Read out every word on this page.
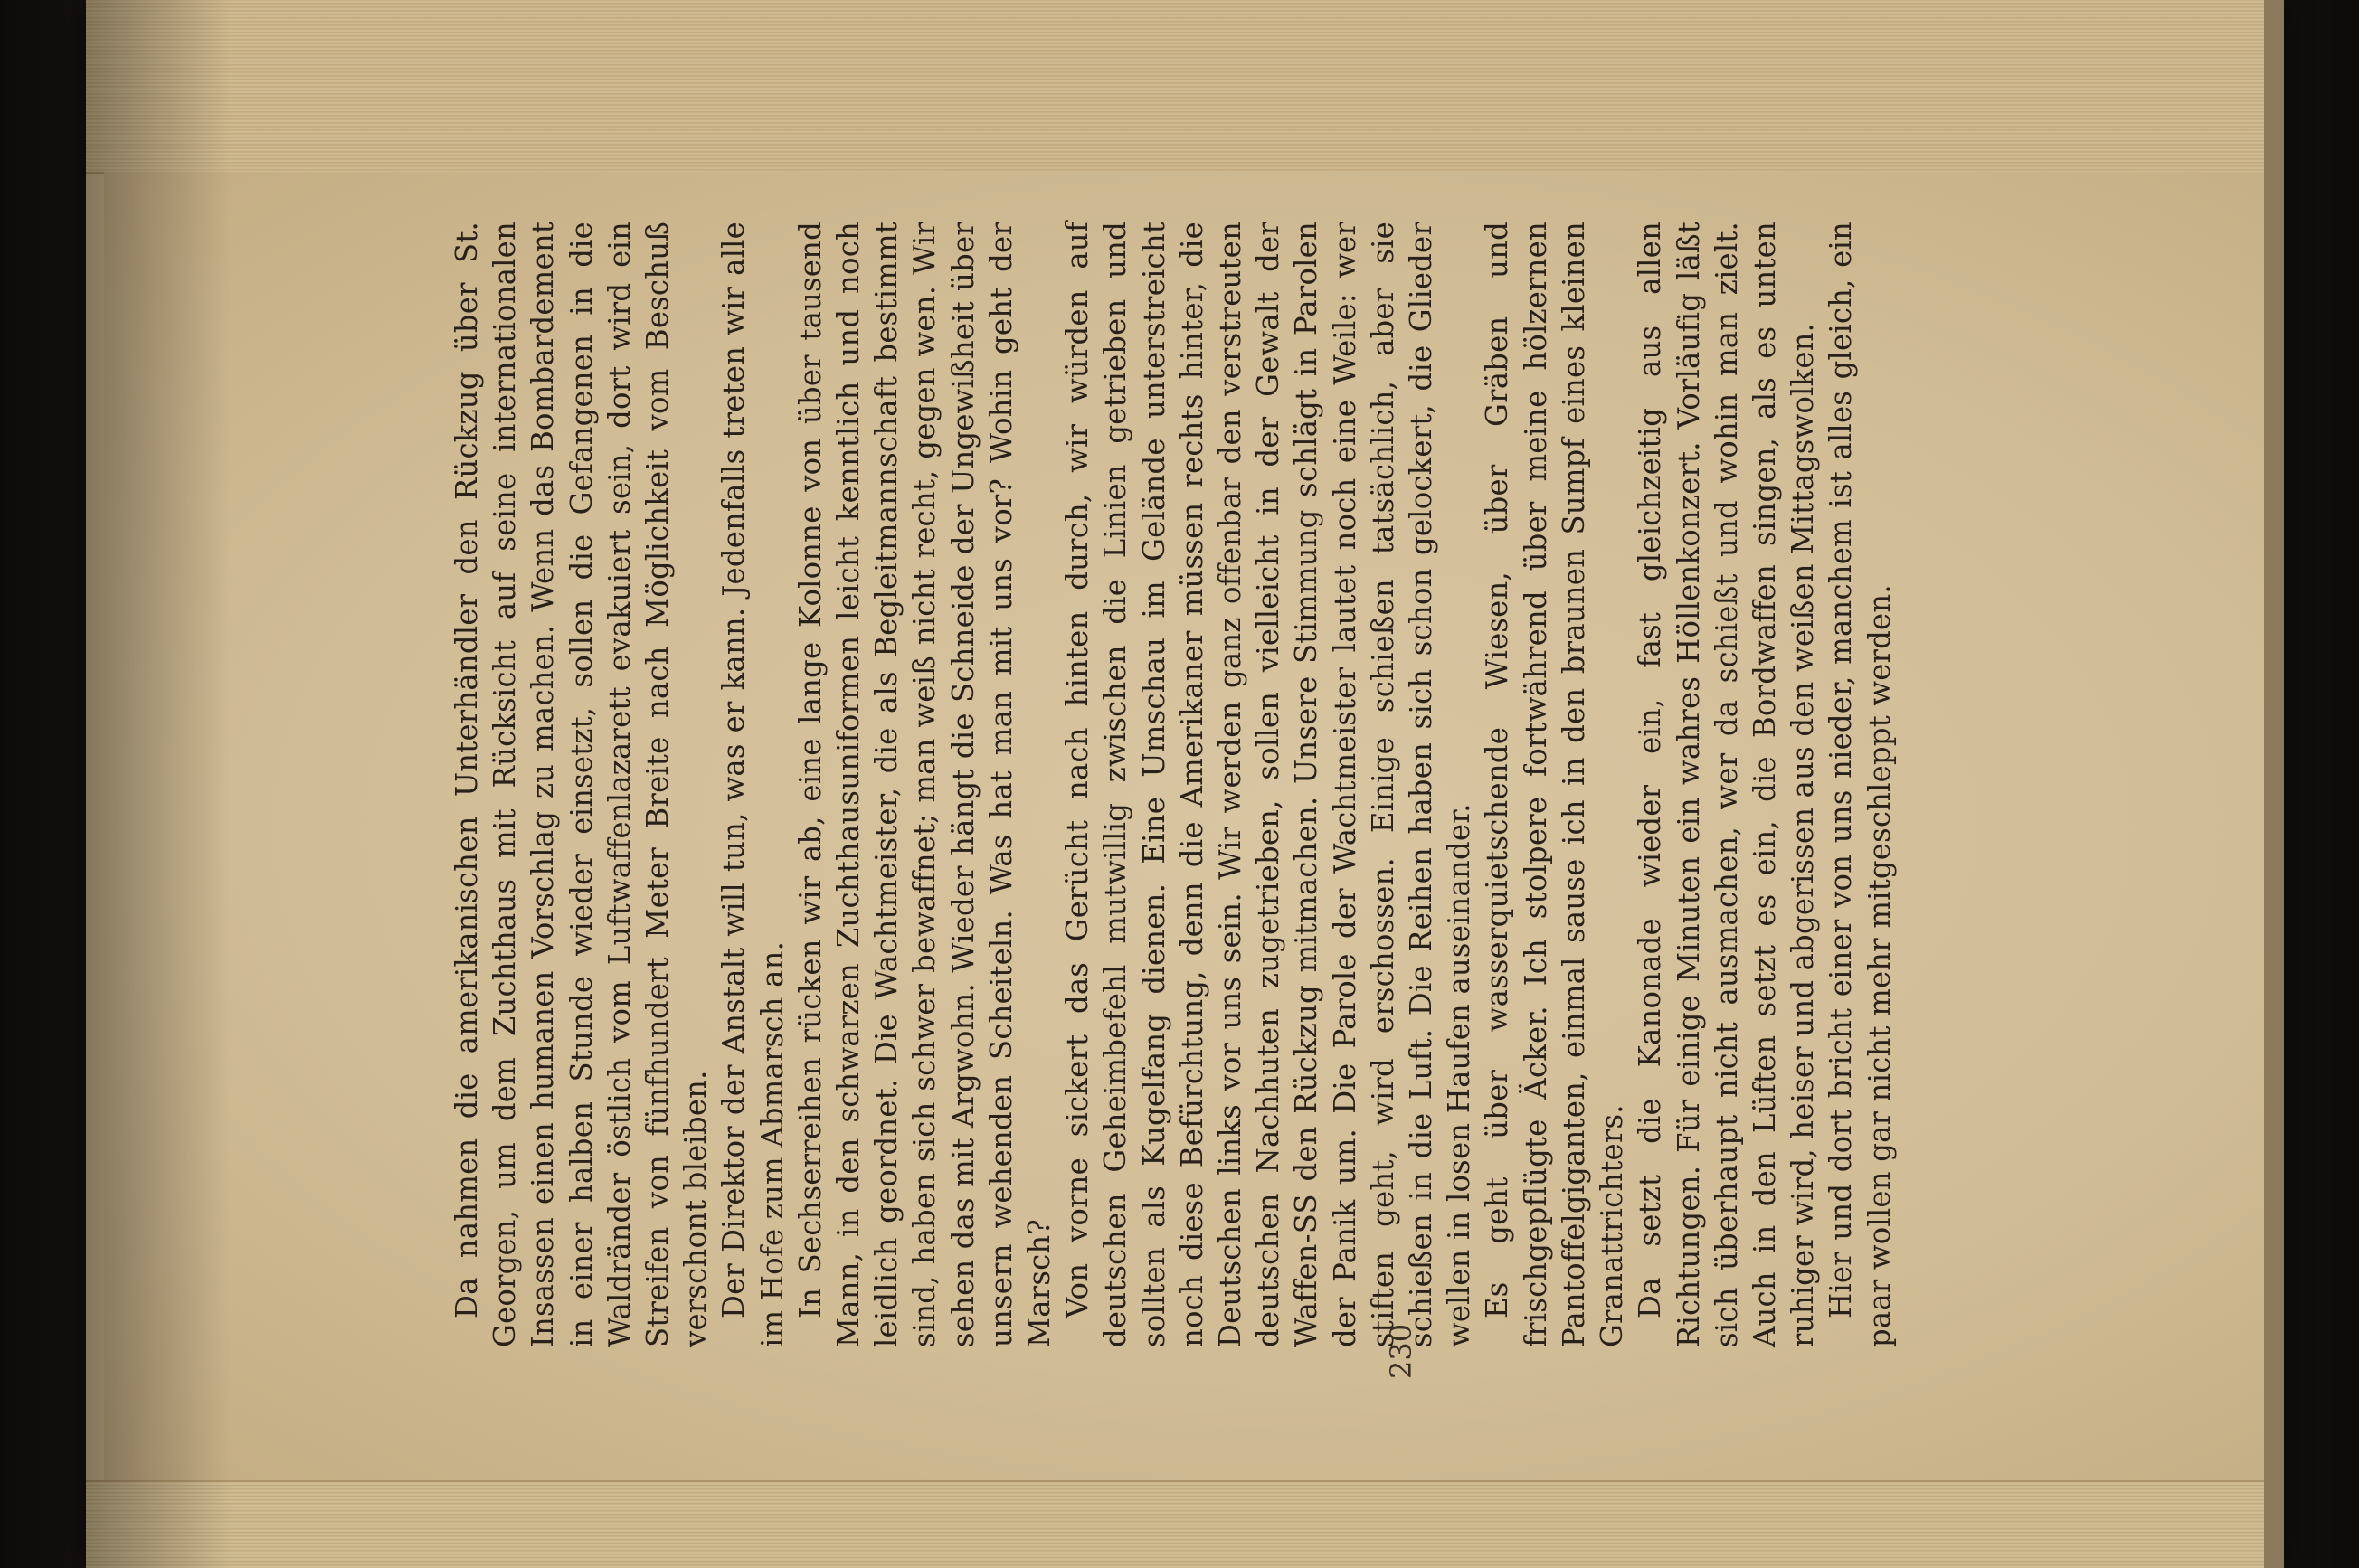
Da nahmen die amerikanischen Unterhändler den Rückzug über St. Georgen, um dem Zuchthaus mit Rücksicht auf seine internationalen Insassen einen humanen Vorschlag zu machen. Wenn das Bombardement in einer halben Stunde wieder einsetzt, sollen die Gefangenen in die Waldränder östlich vom Luftwaffenlazarett evakuiert sein, dort wird ein Streifen von fünfhundert Meter Breite nach Möglichkeit vom Beschuß verschont bleiben. Der Direktor der Anstalt will tun, was er kann. Jedenfalls treten wir alle im Hofe zum Abmarsch an. In Sechserreihen rücken wir ab, eine lange Kolonne von über tausend Mann, in den schwarzen Zuchthausuniformen leicht kenntlich und noch leidlich geordnet. Die Wachtmeister, die als Begleitmannschaft bestimmt sind, haben sich schwer bewaffnet; man weiß nicht recht, gegen wen. Wir sehen das mit Argwohn. Wieder hängt die Schneide der Ungewißheit über unsern wehenden Scheiteln. Was hat man mit uns vor? Wohin geht der Marsch? Von vorne sickert das Gerücht nach hinten durch, wir würden auf deutschen Geheimbefehl mutwillig zwischen die Linien getrieben und sollten als Kugelfang dienen. Eine Umschau im Gelände unterstreicht noch diese Befürchtung, denn die Amerikaner müssen rechts hinter, die Deutschen links vor uns sein. Wir werden ganz offenbar den verstreuten deutschen Nachhuten zugetrieben, sollen vielleicht in der Gewalt der Waffen-SS den Rückzug mitmachen. Unsere Stimmung schlägt in Parolen der Panik um. Die Parole der Wachtmeister lautet noch eine Weile: wer stiften geht, wird erschossen. Einige schießen tatsächlich, aber sie schießen in die Luft. Die Reihen haben sich schon gelockert, die Glieder wellen in losen Haufen auseinander. Es geht über wasserquietschende Wiesen, über Gräben und frischgepflügte Äcker. Ich stolpere fortwährend über meine hölzernen Pantoffelgiganten, einmal sause ich in den braunen Sumpf eines kleinen Granattrichters. Da setzt die Kanonade wieder ein, fast gleichzeitig aus allen Richtungen. Für einige Minuten ein wahres Höllenkonzert. Vorläufig läßt sich überhaupt nicht ausmachen, wer da schießt und wohin man zielt. Auch in den Lüften setzt es ein, die Bordwaffen singen, als es unten ruhiger wird, heiser und abgerissen aus den weißen Mittagswolken. Hier und dort bricht einer von uns nieder, manchem ist alles gleich, ein paar wollen gar nicht mehr mitgeschleppt werden.

230
